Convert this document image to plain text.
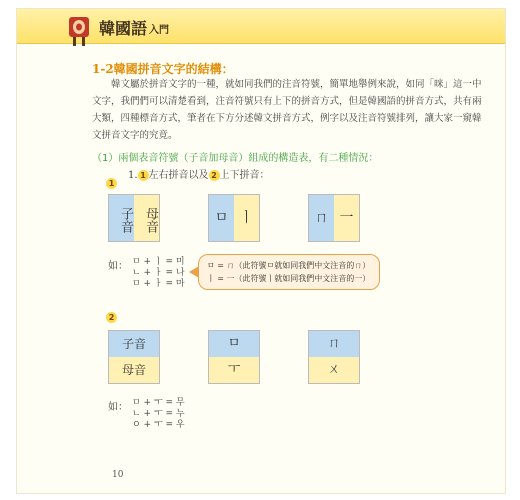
韓國語 入門
1-2韓國拼音文字的結構：

韓文屬於拼音文字的一種，就如同我們的注音符號，簡單地舉例來說，如同「咪」這一中文字，我們們可以清楚看到，注音符號只有上下的拼音方式，但是韓國語的拼音方式，共有兩大類，四種標音方式，筆者在下方分述韓文拼音方式，例字以及注音符號排列，讓大家一窺韓文拼音文字的究竟。

（1）兩個表音符號（子音加母音）組成的構造表，有二種情況：
1. 1 左右拼音以及 2 上下拼音：
1
子音 母音	ㅁ ㅣ	ㄇ 一
如： ㅁ + ㅣ = 미
ㄴ + ㅏ = 나
ㅁ + ㅏ = 마
ㅁ = ㄇ（此符號ㅁ就如同我們中文注音的ㄇ）
ㅣ = 一（此符號ㅣ就如同我們中文注音的一）
2
子音
母音
ㅁ
ㅜ
ㄇ
ㄨ
如： ㅁ + ㅜ = 무
ㄴ + ㅜ = 누
ㅇ + ㅜ = 우
10
